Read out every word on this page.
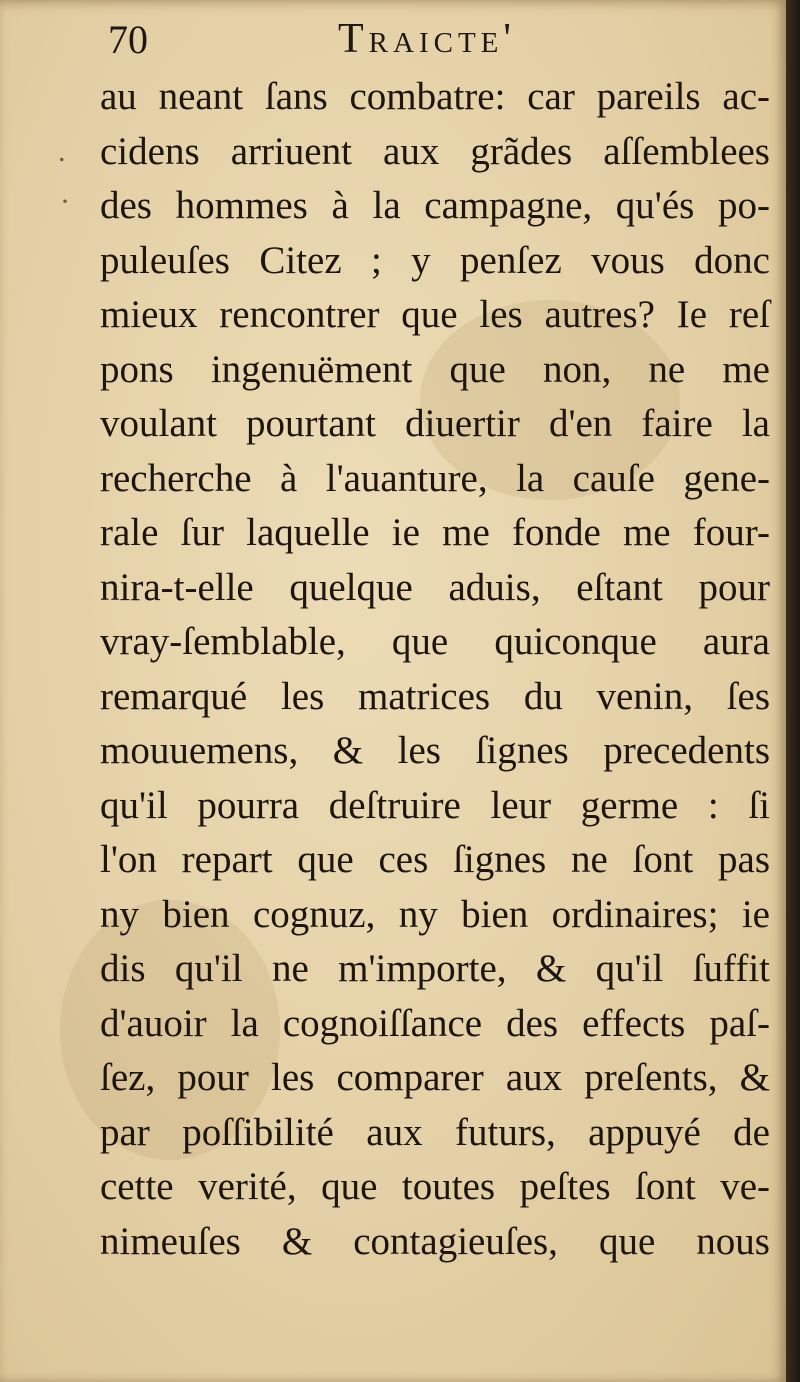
.
·
70	Traicte'
au neant ſans combatre: car pareils ac-
cidens arriuent aux grãdes aſſemblees
des hommes à la campagne, qu'és po-
puleuſes Citez ; y penſez vous donc
mieux rencontrer que les autres? Ie reſ
pons ingenuëment que non, ne me
voulant pourtant diuertir d'en faire la
recherche à l'auanture, la cauſe gene-
rale ſur laquelle ie me fonde me four-
nira-t-elle quelque aduis, eſtant pour
vray-ſemblable, que quiconque aura
remarqué les matrices du venin, ſes
mouuemens, & les ſignes precedents
qu'il pourra deſtruire leur germe : ſi
l'on repart que ces ſignes ne ſont pas
ny bien cognuz, ny bien ordinaires; ie
dis qu'il ne m'importe, & qu'il ſuffit
d'auoir la cognoiſſance des effects paſ-
ſez, pour les comparer aux preſents, &
par poſſibilité aux futurs, appuyé de
cette verité, que toutes peſtes ſont ve-
nimeuſes & contagieuſes, que nous
